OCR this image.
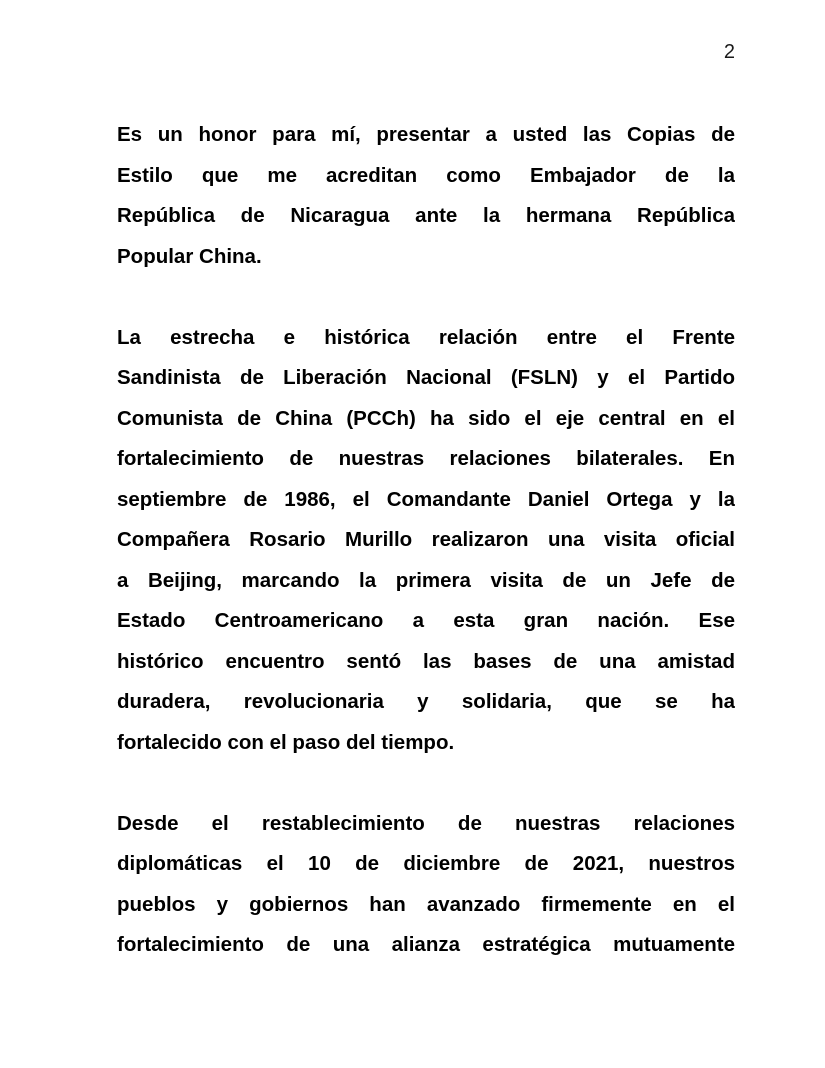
2
Es un honor para mí, presentar a usted las Copias de
Estilo que me acreditan como Embajador de la
República de Nicaragua ante la hermana República
Popular China.
La estrecha e histórica relación entre el Frente
Sandinista de Liberación Nacional (FSLN) y el Partido
Comunista de China (PCCh) ha sido el eje central en el
fortalecimiento de nuestras relaciones bilaterales. En
septiembre de 1986, el Comandante Daniel Ortega y la
Compañera Rosario Murillo realizaron una visita oficial
a Beijing, marcando la primera visita de un Jefe de
Estado Centroamericano a esta gran nación. Ese
histórico encuentro sentó las bases de una amistad
duradera, revolucionaria y solidaria, que se ha
fortalecido con el paso del tiempo.
Desde el restablecimiento de nuestras relaciones
diplomáticas el 10 de diciembre de 2021, nuestros
pueblos y gobiernos han avanzado firmemente en el
fortalecimiento de una alianza estratégica mutuamente
